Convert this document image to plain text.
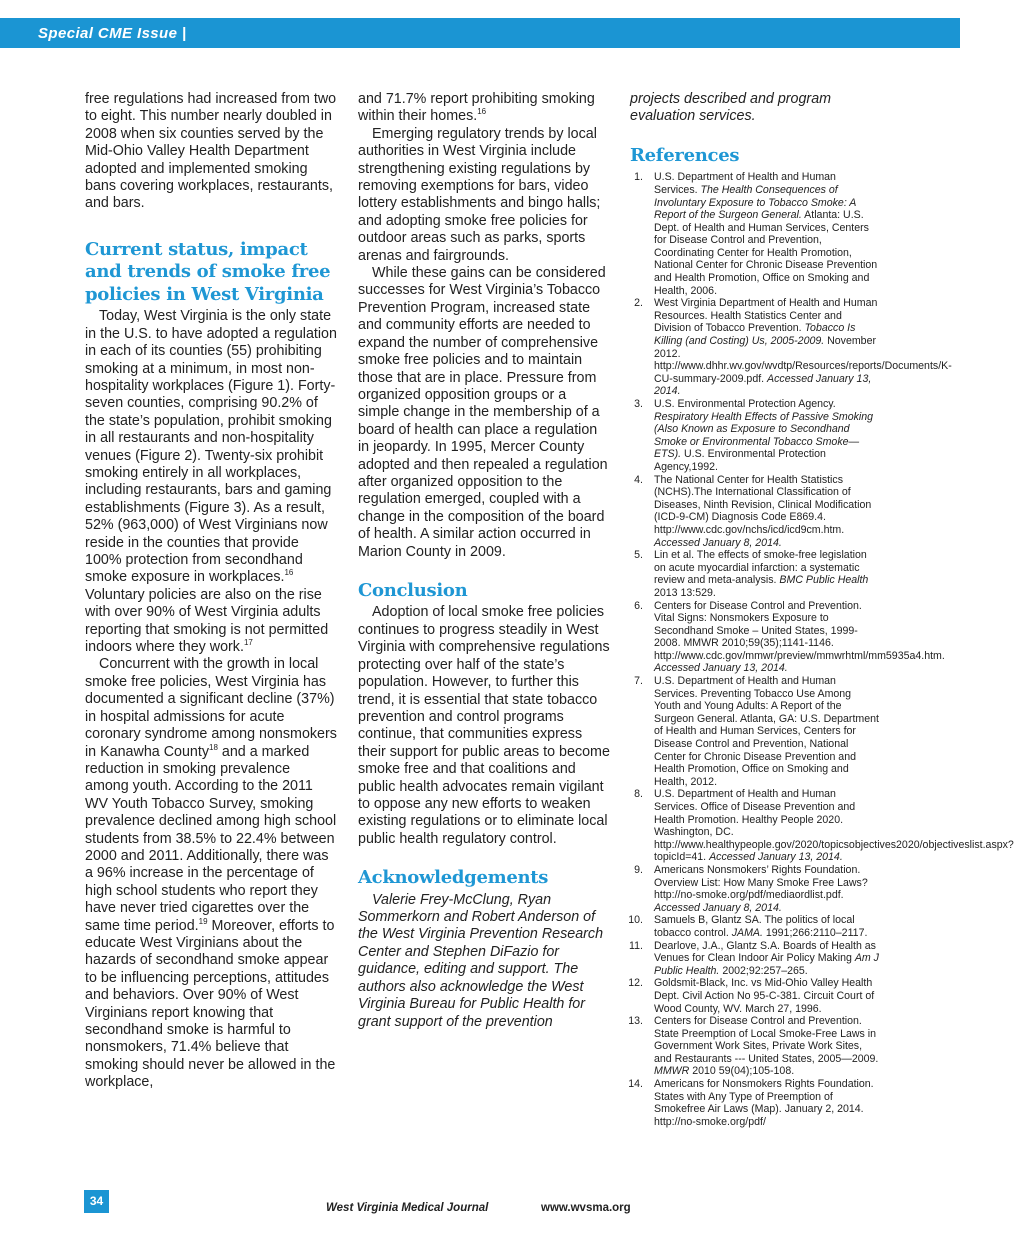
Special CME Issue |

free regulations had increased from two to eight. This number nearly doubled in 2008 when six counties served by the Mid-Ohio Valley Health Department adopted and implemented smoking bans covering workplaces, restaurants, and bars.

Current status, impact and trends of smoke free policies in West Virginia

Today, West Virginia is the only state in the U.S. to have adopted a regulation in each of its counties (55) prohibiting smoking at a minimum, in most non-hospitality workplaces (Figure 1). Forty-seven counties, comprising 90.2% of the state’s population, prohibit smoking in all restaurants and non-hospitality venues (Figure 2). Twenty-six prohibit smoking entirely in all workplaces, including restaurants, bars and gaming establishments (Figure 3). As a result, 52% (963,000) of West Virginians now reside in the counties that provide 100% protection from secondhand smoke exposure in workplaces.$^{16}$ Voluntary policies are also on the rise with over 90% of West Virginia adults reporting that smoking is not permitted indoors where they work.$^{17}$

Concurrent with the growth in local smoke free policies, West Virginia has documented a significant decline (37%) in hospital admissions for acute coronary syndrome among nonsmokers in Kanawha County$^{18}$ and a marked reduction in smoking prevalence among youth. According to the 2011 WV Youth Tobacco Survey, smoking prevalence declined among high school students from 38.5% to 22.4% between 2000 and 2011. Additionally, there was a 96% increase in the percentage of high school students who report they have never tried cigarettes over the same time period.$^{19}$ Moreover, efforts to educate West Virginians about the hazards of secondhand smoke appear to be influencing perceptions, attitudes and behaviors. Over 90% of West Virginians report knowing that secondhand smoke is harmful to nonsmokers, 71.4% believe that smoking should never be allowed in the workplace,

and 71.7% report prohibiting smoking within their homes.$^{16}$

Emerging regulatory trends by local authorities in West Virginia include strengthening existing regulations by removing exemptions for bars, video lottery establishments and bingo halls; and adopting smoke free policies for outdoor areas such as parks, sports arenas and fairgrounds.

While these gains can be considered successes for West Virginia’s Tobacco Prevention Program, increased state and community efforts are needed to expand the number of comprehensive smoke free policies and to maintain those that are in place. Pressure from organized opposition groups or a simple change in the membership of a board of health can place a regulation in jeopardy. In 1995, Mercer County adopted and then repealed a regulation after organized opposition to the regulation emerged, coupled with a change in the composition of the board of health. A similar action occurred in Marion County in 2009.

Conclusion

Adoption of local smoke free policies continues to progress steadily in West Virginia with comprehensive regulations protecting over half of the state’s population. However, to further this trend, it is essential that state tobacco prevention and control programs continue, that communities express their support for public areas to become smoke free and that coalitions and public health advocates remain vigilant to oppose any new efforts to weaken existing regulations or to eliminate local public health regulatory control.

Acknowledgements

Valerie Frey-McClung, Ryan Sommerkorn and Robert Anderson of the West Virginia Prevention Research Center and Stephen DiFazio for guidance, editing and support. The authors also acknowledge the West Virginia Bureau for Public Health for grant support of the prevention

projects described and program evaluation services.

References
1. U.S. Department of Health and Human Services. The Health Consequences of Involuntary Exposure to Tobacco Smoke: A Report of the Surgeon General. Atlanta: U.S. Dept. of Health and Human Services, Centers for Disease Control and Prevention, Coordinating Center for Health Promotion, National Center for Chronic Disease Prevention and Health Promotion, Office on Smoking and Health, 2006.
2. West Virginia Department of Health and Human Resources. Health Statistics Center and Division of Tobacco Prevention. Tobacco Is Killing (and Costing) Us, 2005-2009. November 2012. http://www.dhhr.wv.gov/wvdtp/Resources/reports/Documents/K-CU-summary-2009.pdf. Accessed January 13, 2014.
3. U.S. Environmental Protection Agency. Respiratory Health Effects of Passive Smoking (Also Known as Exposure to Secondhand Smoke or Environmental Tobacco Smoke—ETS). U.S. Environmental Protection Agency,1992.
4. The National Center for Health Statistics (NCHS).The International Classification of Diseases, Ninth Revision, Clinical Modification (ICD-9-CM) Diagnosis Code E869.4. http://www.cdc.gov/nchs/icd/icd9cm.htm. Accessed January 8, 2014.
5. Lin et al. The effects of smoke-free legislation on acute myocardial infarction: a systematic review and meta-analysis. BMC Public Health 2013 13:529.
6. Centers for Disease Control and Prevention. Vital Signs: Nonsmokers Exposure to Secondhand Smoke – United States, 1999-2008. MMWR 2010;59(35);1141-1146. http://www.cdc.gov/mmwr/preview/mmwrhtml/mm5935a4.htm. Accessed January 13, 2014.
7. U.S. Department of Health and Human Services. Preventing Tobacco Use Among Youth and Young Adults: A Report of the Surgeon General. Atlanta, GA: U.S. Department of Health and Human Services, Centers for Disease Control and Prevention, National Center for Chronic Disease Prevention and Health Promotion, Office on Smoking and Health, 2012.
8. U.S. Department of Health and Human Services. Office of Disease Prevention and Health Promotion. Healthy People 2020. Washington, DC. http://www.healthypeople.gov/2020/topicsobjectives2020/objectiveslist.aspx?topicId=41. Accessed January 13, 2014.
9. Americans Nonsmokers’ Rights Foundation. Overview List: How Many Smoke Free Laws? http://no-smoke.org/pdf/mediaordlist.pdf. Accessed January 8, 2014.
10. Samuels B, Glantz SA. The politics of local tobacco control. JAMA. 1991;266:2110–2117.
11. Dearlove, J.A., Glantz S.A. Boards of Health as Venues for Clean Indoor Air Policy Making Am J Public Health. 2002;92:257–265.
12. Goldsmit-Black, Inc. vs Mid-Ohio Valley Health Dept. Civil Action No 95-C-381. Circuit Court of Wood County, WV. March 27, 1996.
13. Centers for Disease Control and Prevention. State Preemption of Local Smoke-Free Laws in Government Work Sites, Private Work Sites, and Restaurants --- United States, 2005—2009. MMWR 2010 59(04);105-108.
14. Americans for Nonsmokers Rights Foundation. States with Any Type of Preemption of Smokefree Air Laws (Map). January 2, 2014. http://no-smoke.org/pdf/
34	West Virginia Medical Journal	www.wvsma.org
